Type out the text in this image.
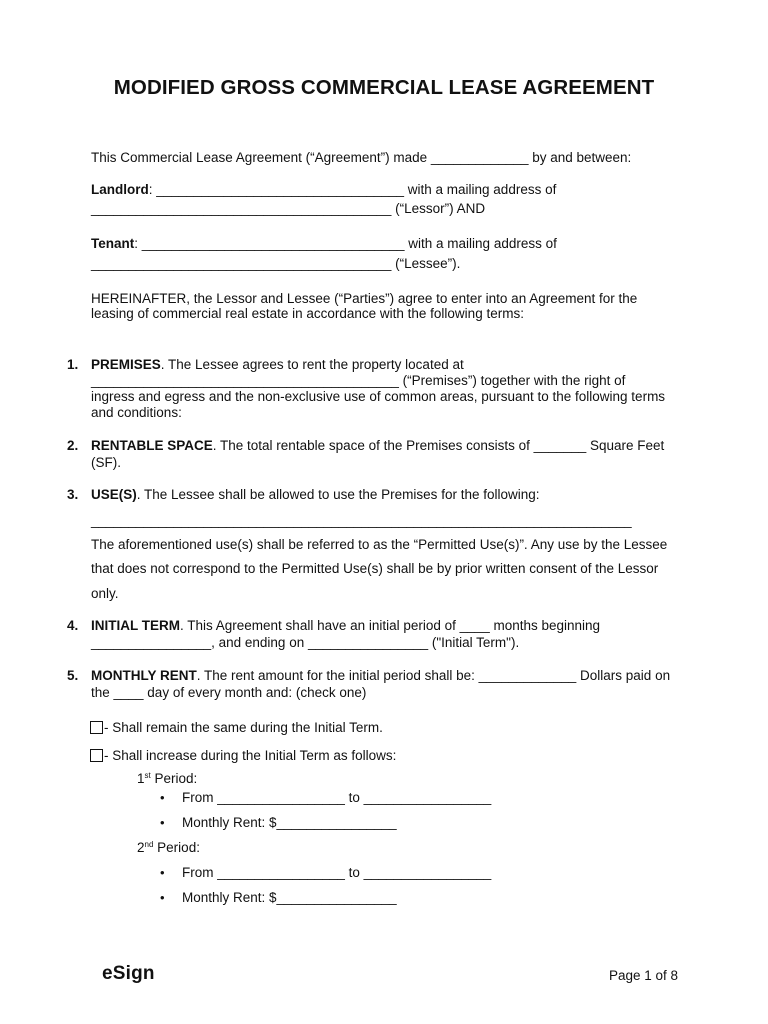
MODIFIED GROSS COMMERCIAL LEASE AGREEMENT
This Commercial Lease Agreement (“Agreement”) made _____________ by and between:
Landlord: _________________________________ with a mailing address of
________________________________________ (“Lessor”) AND
Tenant: ___________________________________ with a mailing address of
________________________________________ (“Lessee”).
HEREINAFTER, the Lessor and Lessee (“Parties”) agree to enter into an Agreement for the
leasing of commercial real estate in accordance with the following terms:
1. PREMISES. The Lessee agrees to rent the property located at
_________________________________________ (“Premises”) together with the right of
ingress and egress and the non-exclusive use of common areas, pursuant to the following terms
and conditions:
2. RENTABLE SPACE. The total rentable space of the Premises consists of _______ Square Feet
(SF).
3. USE(S). The Lessee shall be allowed to use the Premises for the following:
________________________________________________________________________
The aforementioned use(s) shall be referred to as the “Permitted Use(s)”. Any use by the Lessee
that does not correspond to the Permitted Use(s) shall be by prior written consent of the Lessor
only.
4. INITIAL TERM. This Agreement shall have an initial period of ____ months beginning
________________, and ending on ________________ ("Initial Term").
5. MONTHLY RENT. The rent amount for the initial period shall be: _____________ Dollars paid on
the ____ day of every month and: (check one)
- Shall remain the same during the Initial Term.
- Shall increase during the Initial Term as follows:
1st Period:
• From _________________ to _________________
• Monthly Rent: $________________
2nd Period:
• From _________________ to _________________
• Monthly Rent: $________________
eSign	Page 1 of 8
